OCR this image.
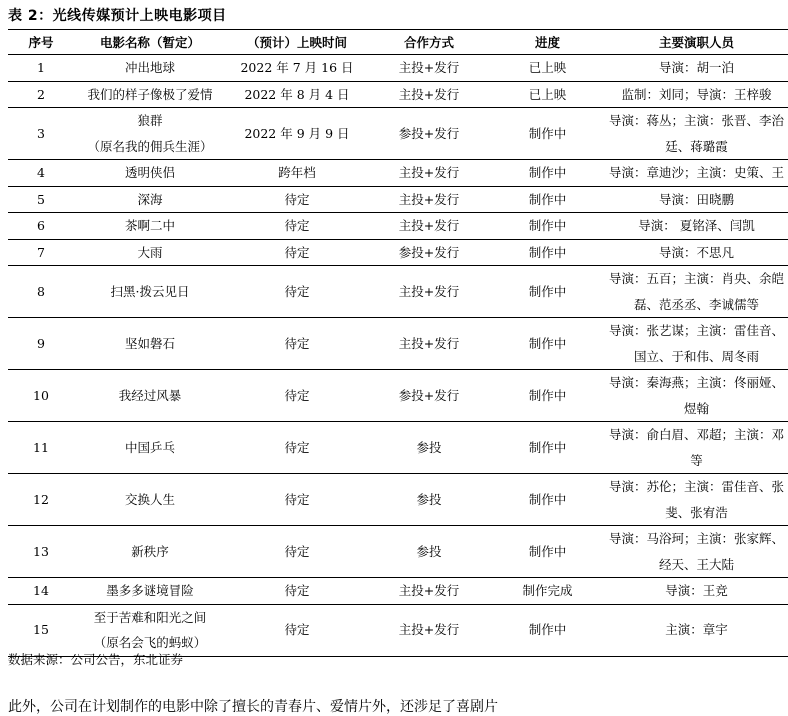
表 2：光线传媒预计上映电影项目
序号	电影名称（暂定）	（预计）上映时间	合作方式	进度	主要演职人员
1	冲出地球	2022 年 7 月 16 日	主投+发行	已上映	导演：胡一泊

2	我们的样子像极了爱情	2022 年 8 月 4 日	主投+发行	已上映	监制：刘同；导演：王梓骏

3	狼群
（原名我的佣兵生涯）	2022 年 9 月 9 日	参投+发行	制作中	导演：蒋丛；主演：张晋、李治
廷、蒋璐霞

4	透明侠侣	跨年档	主投+发行	制作中	导演：章迪沙；主演：史策、王

5	深海	待定	主投+发行	制作中	导演：田晓鹏

6	茶啊二中	待定	主投+发行	制作中	导演： 夏铭泽、闫凯

7	大雨	待定	参投+发行	制作中	导演：不思凡

8	扫黑·拨云见日	待定	主投+发行	制作中	导演：五百；主演：肖央、余皑
磊、范丞丞、李诚儒等

9	坚如磐石	待定	主投+发行	制作中	导演：张艺谋；主演：雷佳音、
国立、于和伟、周冬雨

10	我经过风暴	待定	参投+发行	制作中	导演：秦海燕；主演：佟丽娅、
煜翰

11	中国乒乓	待定	参投	制作中	导演：俞白眉、邓超；主演：邓
等

12	交换人生	待定	参投	制作中	导演：苏伦；主演：雷佳音、张
斐、张宥浩

13	新秩序	待定	参投	制作中	导演：马浴珂；主演：张家辉、
经天、王大陆

14	墨多多谜境冒险	待定	主投+发行	制作完成	导演：王竞

15	至于苦难和阳光之间
（原名会飞的蚂蚁）	待定	主投+发行	制作中	主演：章宇
数据来源：公司公告，东北证券
此外，公司在计划制作的电影中除了擅长的青春片、爱情片外，还涉足了喜剧片
